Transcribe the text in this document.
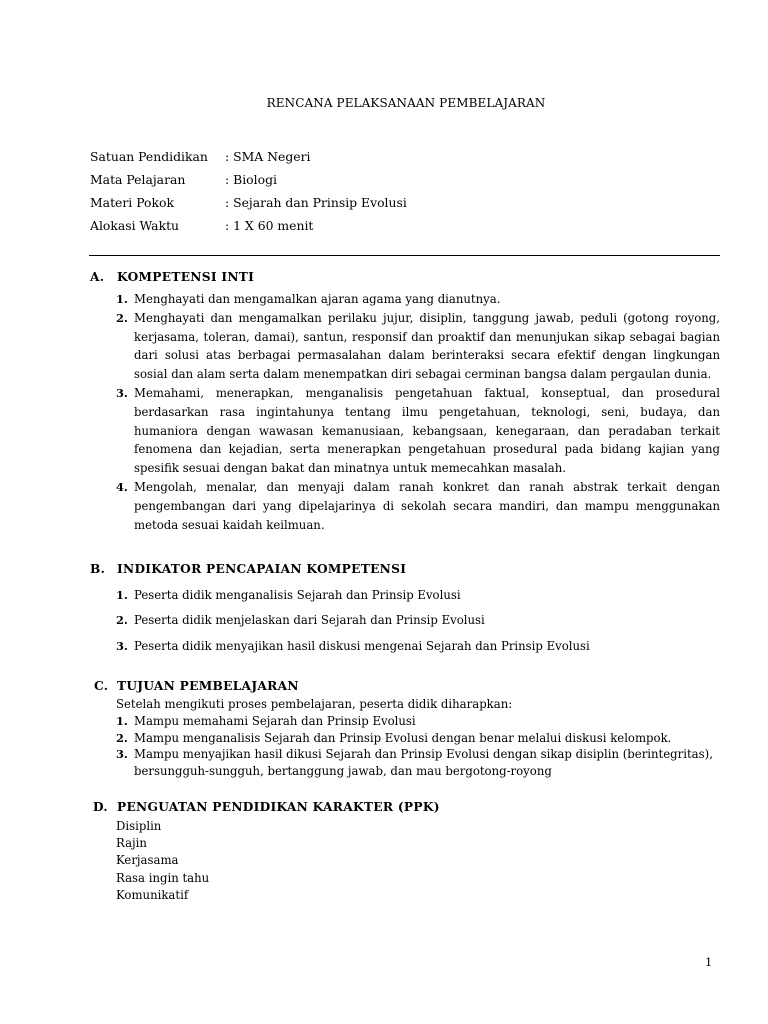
RENCANA PELAKSANAAN PEMBELAJARAN
Satuan Pendidikan	: SMA Negeri
Mata Pelajaran	: Biologi
Materi Pokok	: Sejarah dan Prinsip Evolusi
Alokasi Waktu	: 1 X 60 menit
A.	KOMPETENSI INTI
1. Menghayati dan mengamalkan ajaran agama yang dianutnya.
2. Menghayati dan mengamalkan perilaku jujur, disiplin, tanggung jawab, peduli (gotong royong, kerjasama, toleran, damai), santun, responsif dan proaktif dan menunjukan sikap sebagai bagian dari solusi atas berbagai permasalahan dalam berinteraksi secara efektif dengan lingkungan sosial dan alam serta dalam menempatkan diri sebagai cerminan bangsa dalam pergaulan dunia.
3. Memahami, menerapkan, menganalisis pengetahuan faktual, konseptual, dan prosedural berdasarkan rasa ingintahunya tentang ilmu pengetahuan, teknologi, seni, budaya, dan humaniora dengan wawasan kemanusiaan, kebangsaan, kenegaraan, dan peradaban terkait fenomena dan kejadian, serta menerapkan pengetahuan prosedural pada bidang kajian yang spesifik sesuai dengan bakat dan minatnya untuk memecahkan masalah.
4. Mengolah, menalar, dan menyaji dalam ranah konkret dan ranah abstrak terkait dengan pengembangan dari yang dipelajarinya di sekolah secara mandiri, dan mampu menggunakan metoda sesuai kaidah keilmuan.
B. INDIKATOR PENCAPAIAN KOMPETENSI
1. Peserta didik menganalisis Sejarah dan Prinsip Evolusi
2. Peserta didik menjelaskan dari Sejarah dan Prinsip Evolusi
3. Peserta didik menyajikan hasil diskusi mengenai Sejarah dan Prinsip Evolusi
C. TUJUAN PEMBELAJARAN
Setelah mengikuti proses pembelajaran, peserta didik diharapkan:
1. Mampu memahami Sejarah dan Prinsip Evolusi
2. Mampu menganalisis Sejarah dan Prinsip Evolusi dengan benar melalui diskusi kelompok.
3. Mampu menyajikan hasil dikusi Sejarah dan Prinsip Evolusi dengan sikap disiplin (berintegritas), bersungguh-sungguh, bertanggung jawab, dan mau bergotong-royong
D. PENGUATAN PENDIDIKAN KARAKTER (PPK)
Disiplin
Rajin
Kerjasama
Rasa ingin tahu
Komunikatif
1
